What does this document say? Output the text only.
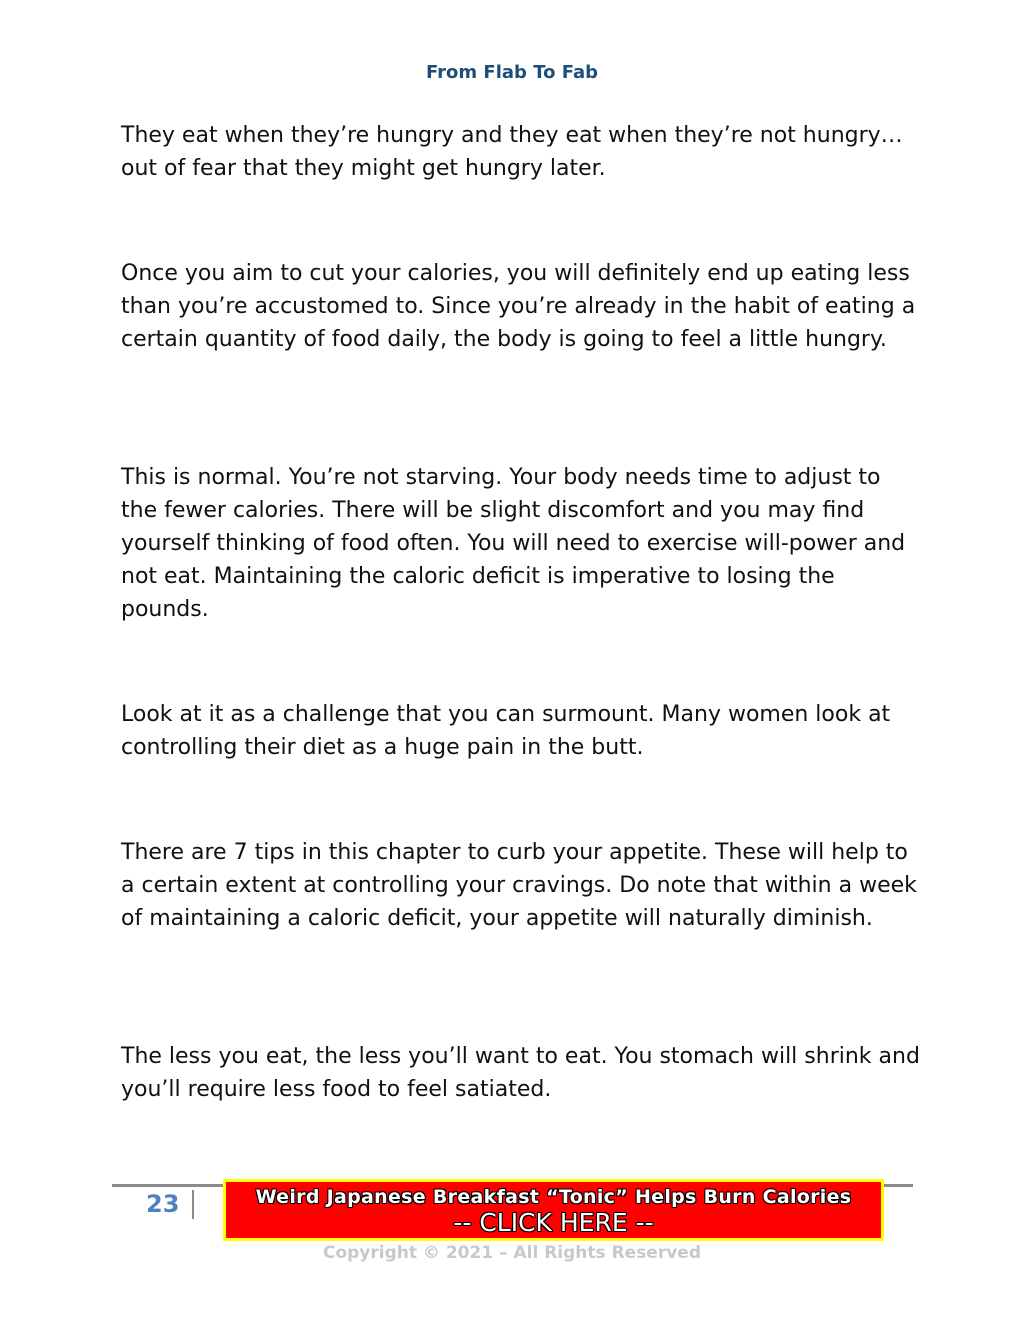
From Flab To Fab

They eat when they’re hungry and they eat when they’re not hungry… out of fear that they might get hungry later.

Once you aim to cut your calories, you will definitely end up eating less than you’re accustomed to. Since you’re already in the habit of eating a certain quantity of food daily, the body is going to feel a little hungry.

This is normal. You’re not starving. Your body needs time to adjust to the fewer calories. There will be slight discomfort and you may find yourself thinking of food often. You will need to exercise will-power and not eat. Maintaining the caloric deficit is imperative to losing the pounds.

Look at it as a challenge that you can surmount. Many women look at controlling their diet as a huge pain in the butt.

There are 7 tips in this chapter to curb your appetite. These will help to a certain extent at controlling your cravings. Do note that within a week of maintaining a caloric deficit, your appetite will naturally diminish.

The less you eat, the less you’ll want to eat. You stomach will shrink and you’ll require less food to feel satiated.

23	Weird Japanese Breakfast “Tonic” Helps Burn Calories
-- CLICK HERE --
Copyright © 2021 – All Rights Reserved
